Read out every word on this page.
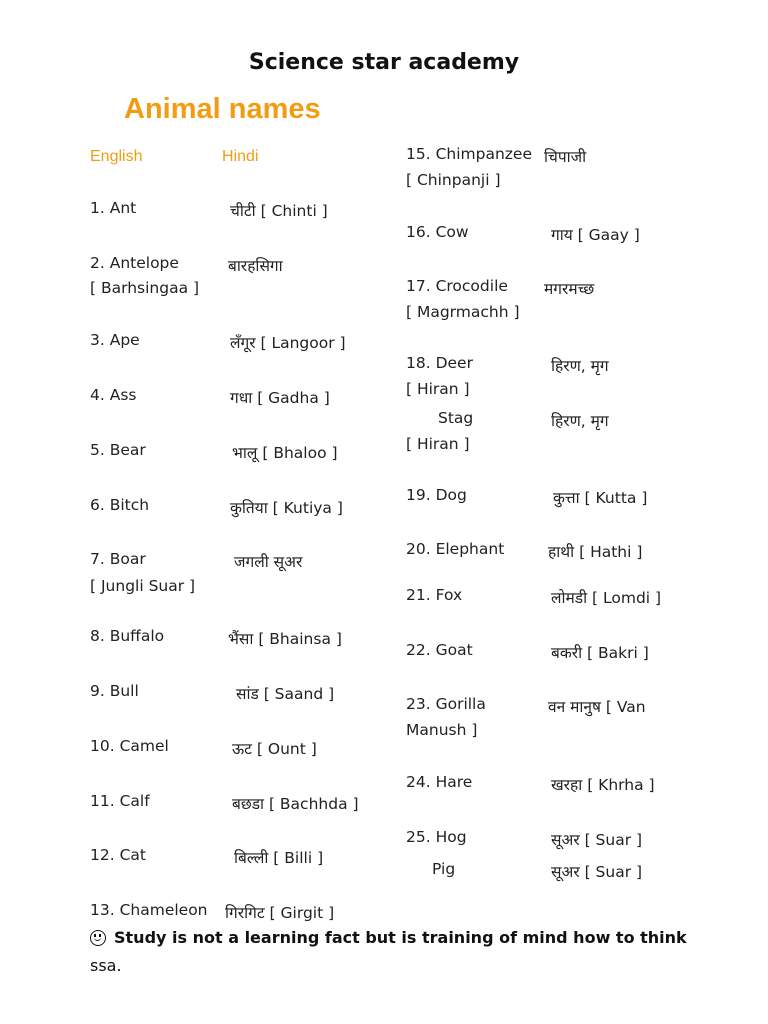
Science star academy
Animal names
English	Hindi
1. Ant	चीटी [ Chinti ]
2. Antelope	बारहसिगा
[ Barhsingaa ]
3. Ape	लँगूर [ Langoor ]
4. Ass	गधा [ Gadha ]
5. Bear	भालू [ Bhaloo ]
6. Bitch	कुतिया [ Kutiya ]
7. Boar	जगली सूअर
[ Jungli Suar ]
8. Buffalo	भैंसा [ Bhainsa ]
9. Bull	सांड [ Saand ]
10. Camel	ऊट [ Ount ]
11. Calf	बछडा [ Bachhda ]
12. Cat	बिल्ली [ Billi ]
13. Chameleon गिरगिट [ Girgit ]
15. Chimpanzee चिपाजी
[ Chinpanji ]
16. Cow	गाय [ Gaay ]
17. Crocodile मगरमच्छ
[ Magrmachh ]
18. Deer	हिरण, मृग
[ Hiran ]
Stag	हिरण, मृग
[ Hiran ]
19. Dog	कुत्ता [ Kutta ]
20. Elephant	हाथी [ Hathi ]
21. Fox	लोमडी [ Lomdi ]
22. Goat	बकरी [ Bakri ]
23. Gorilla	वन मानुष [ Van
Manush ]
24. Hare	खरहा [ Khrha ]
25. Hog	सूअर [ Suar ]
Pig	सूअर [ Suar ]
Study is not a learning fact but is training of mind how to think
ssa.
